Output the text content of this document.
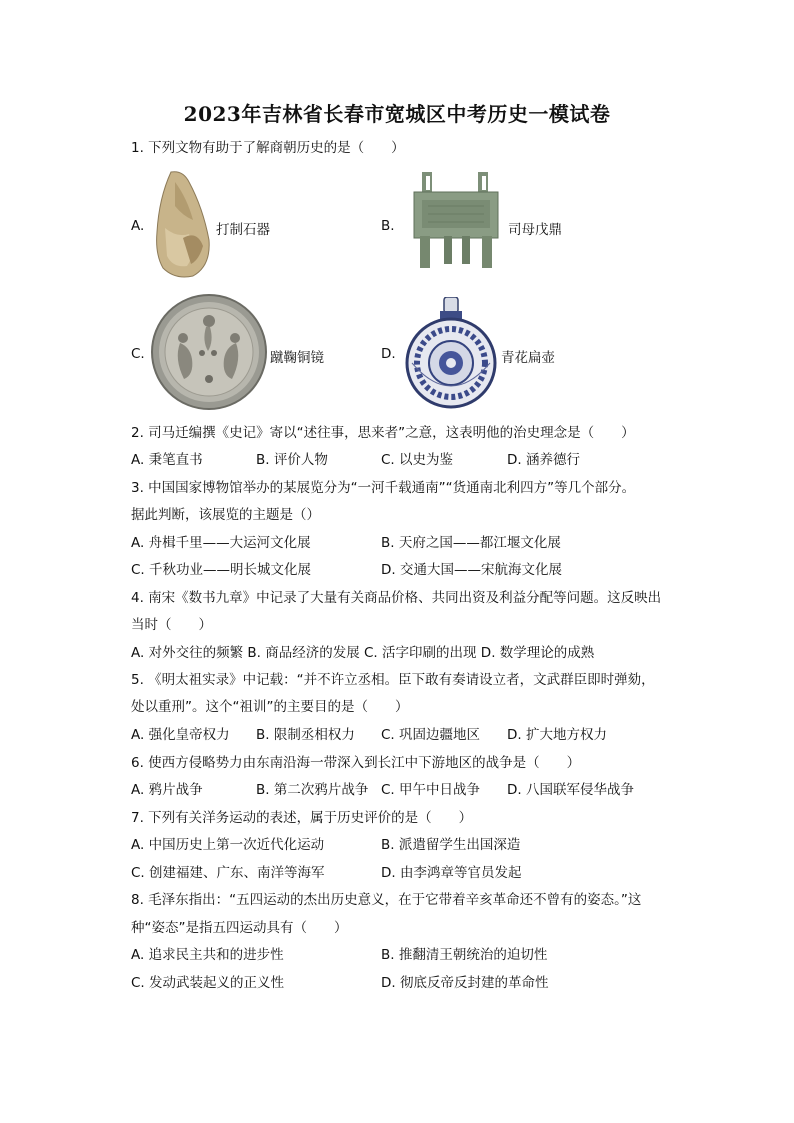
2023年吉林省长春市宽城区中考历史一模试卷
1. 下列文物有助于了解商朝历史的是（　　）
A.	打制石器	B.	司母戊鼎
C.	蹴鞠铜镜	D.	青花扁壶
2. 司马迁编撰《史记》寄以“述往事，思来者”之意，这表明他的治史理念是（　　）
A. 秉笔直书	B. 评价人物	C. 以史为鉴	D. 涵养德行
3. 中国国家博物馆举办的某展览分为“一河千载通南”“货通南北利四方”等几个部分。
据此判断，该展览的主题是（）
A. 舟楫千里——大运河文化展	B. 天府之国——都江堰文化展
C. 千秋功业——明长城文化展	D. 交通大国——宋航海文化展
4. 南宋《数书九章》中记录了大量有关商品价格、共同出资及利益分配等问题。这反映出
当时（　　）
A. 对外交往的频繁 B. 商品经济的发展 C. 活字印刷的出现 D. 数学理论的成熟
5. 《明太祖实录》中记载：“并不许立丞相。臣下敢有奏请设立者，文武群臣即时弹劾，
处以重刑”。这个“祖训”的主要目的是（　　）
A. 强化皇帝权力 B. 限制丞相权力 C. 巩固边疆地区 D. 扩大地方权力
6. 使西方侵略势力由东南沿海一带深入到长江中下游地区的战争是（　　）
A. 鸦片战争	B. 第二次鸦片战争 C. 甲午中日战争 D. 八国联军侵华战争
7. 下列有关洋务运动的表述，属于历史评价的是（　　）
A. 中国历史上第一次近代化运动	B. 派遣留学生出国深造
C. 创建福建、广东、南洋等海军	D. 由李鸿章等官员发起
8. 毛泽东指出：“五四运动的杰出历史意义，在于它带着辛亥革命还不曾有的姿态。”这
种“姿态”是指五四运动具有（　　）
A. 追求民主共和的进步性	B. 推翻清王朝统治的迫切性
C. 发动武装起义的正义性	D. 彻底反帝反封建的革命性
